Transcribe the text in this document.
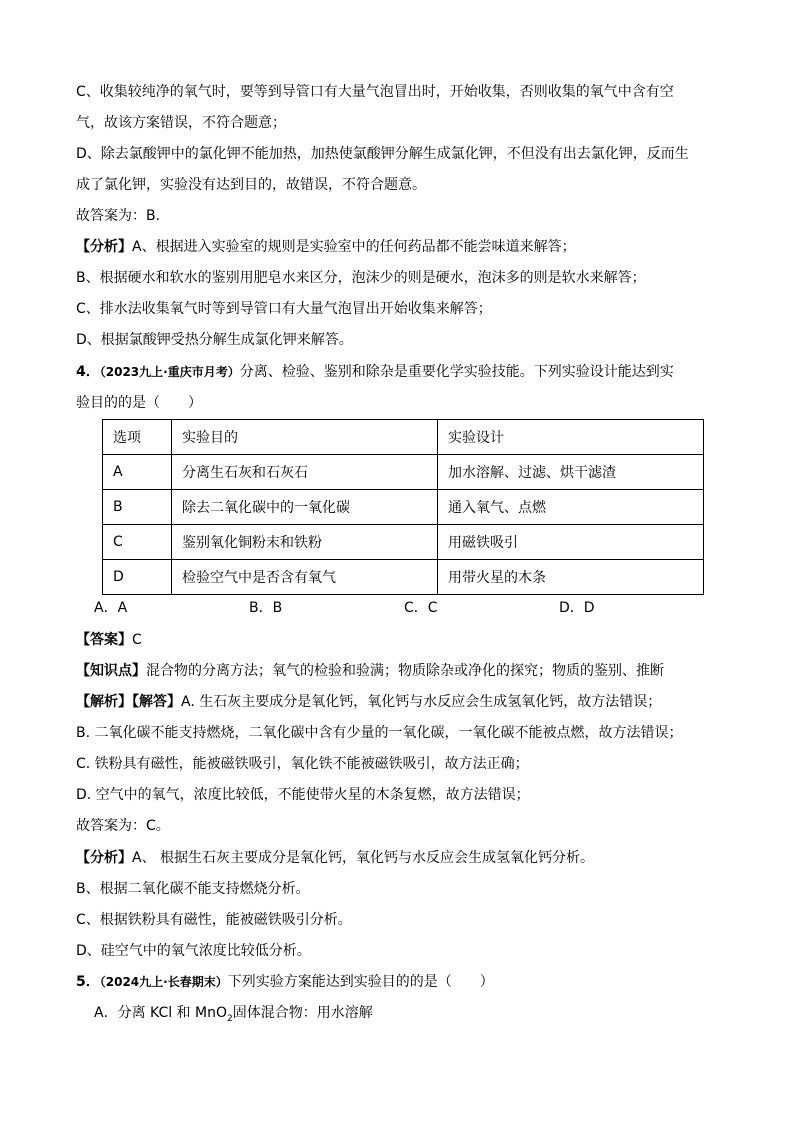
C、收集较纯净的氧气时，要等到导管口有大量气泡冒出时，开始收集，否则收集的氧气中含有空
气，故该方案错误，不符合题意；
D、除去氯酸钾中的氯化钾不能加热，加热使氯酸钾分解生成氯化钾，不但没有出去氯化钾，反而生
成了氯化钾，实验没有达到目的，故错误，不符合题意。
故答案为：B.
【分析】A、根据进入实验室的规则是实验室中的任何药品都不能尝味道来解答；
B、根据硬水和软水的鉴别用肥皂水来区分，泡沫少的则是硬水，泡沫多的则是软水来解答；
C、排水法收集氧气时等到导管口有大量气泡冒出开始收集来解答；
D、根据氯酸钾受热分解生成氯化钾来解答。
4．（2023九上·重庆市月考）分离、检验、鉴别和除杂是重要化学实验技能。下列实验设计能达到实
验目的的是（　　）
选项	实验目的	实验设计
A	分离生石灰和石灰石	加水溶解、过滤、烘干滤渣
B	除去二氧化碳中的一氧化碳	通入氧气、点燃
C	鉴别氧化铜粉末和铁粉	用磁铁吸引
D	检验空气中是否含有氧气	用带火星的木条
A．A	B．B	C．C	D．D
【答案】C
【知识点】混合物的分离方法；氧气的检验和验满；物质除杂或净化的探究；物质的鉴别、推断
【解析】【解答】A. 生石灰主要成分是氧化钙，氧化钙与水反应会生成氢氧化钙，故方法错误；
B. 二氧化碳不能支持燃烧，二氧化碳中含有少量的一氧化碳，一氧化碳不能被点燃，故方法错误；
C. 铁粉具有磁性，能被磁铁吸引，氧化铁不能被磁铁吸引，故方法正确；
D. 空气中的氧气，浓度比较低，不能使带火星的木条复燃，故方法错误；
故答案为：C。
【分析】A、 根据生石灰主要成分是氧化钙，氧化钙与水反应会生成氢氧化钙分析。
B、根据二氧化碳不能支持燃烧分析。
C、根据铁粉具有磁性，能被磁铁吸引分析。
D、硅空气中的氧气浓度比较低分析。
5．（2024九上·长春期末）下列实验方案能达到实验目的的是（　　）
A．分离 KCl 和 MnO$_2$固体混合物：用水溶解
